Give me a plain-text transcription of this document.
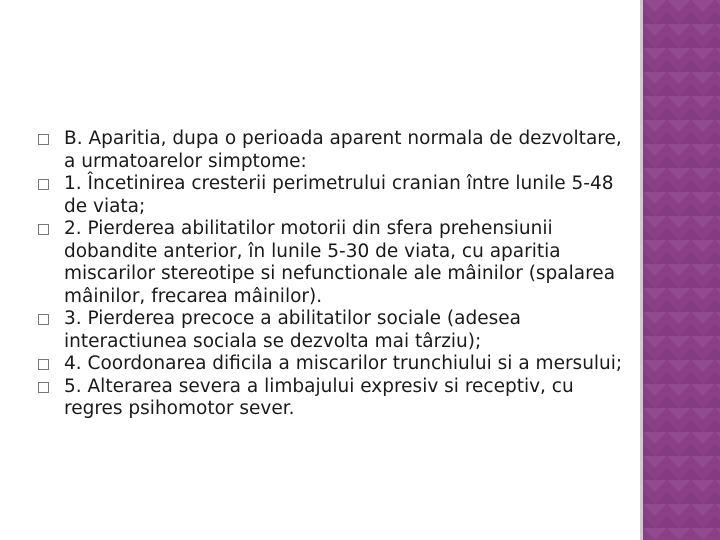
B. Aparitia, dupa o perioada aparent normala de dezvoltare, a urmatoarelor simptome:
1. Încetinirea cresterii perimetrului cranian între lunile 5-48 de viata;
2. Pierderea abilitatilor motorii din sfera prehensiunii dobandite anterior, în lunile 5-30 de viata, cu aparitia miscarilor stereotipe si nefunctionale ale mâinilor (spalarea mâinilor, frecarea mâinilor).
3. Pierderea precoce a abilitatilor sociale (adesea interactiunea sociala se dezvolta mai târziu);
4. Coordonarea dificila a miscarilor trunchiului si a mersului;
5. Alterarea severa a limbajului expresiv si receptiv, cu regres psihomotor sever.
